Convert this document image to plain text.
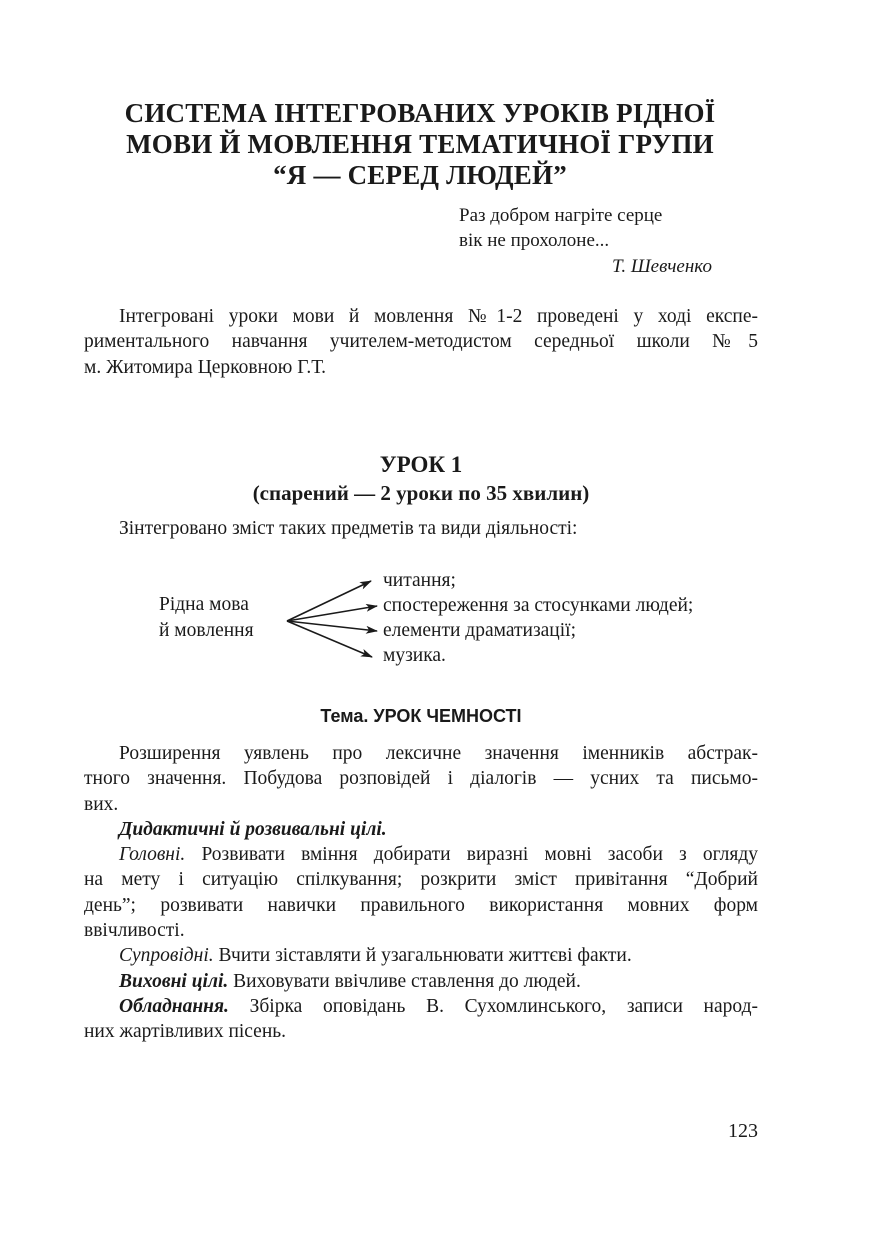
СИСТЕМА ІНТЕГРОВАНИХ УРОКІВ РІДНОЇ
МОВИ Й МОВЛЕННЯ ТЕМАТИЧНОЇ ГРУПИ
“Я — СЕРЕД ЛЮДЕЙ”
Раз добром нагріте серце
вік не прохолоне...
Т. Шевченко
Інтегровані уроки мови й мовлення №1-2 проведені у ході експе-
риментального навчання учителем-методистом середньої школи №5
м. Житомира Церковною Г.Т.
УРОК 1
(спарений — 2 уроки по 35 хвилин)
Зінтегровано зміст таких предметів та види діяльності:
Рідна мова
й мовлення
читання;
спостереження за стосунками людей;
елементи драматизації;
музика.
Тема. УРОК ЧЕМНОСТІ
Розширення уявлень про лексичне значення іменників абстрак-
тного значення. Побудова розповідей і діалогів — усних та письмо-
вих.
Дидактичні й розвивальні цілі.
Головні. Розвивати вміння добирати виразні мовні засоби з огляду
на мету і ситуацію спілкування; розкрити зміст привітання “Добрий
день”; розвивати навички правильного використання мовних форм
ввічливості.
Супровідні. Вчити зіставляти й узагальнювати життєві факти.
Виховні цілі. Виховувати ввічливе ставлення до людей.
Обладнання. Збірка оповідань В. Сухомлинського, записи народ-
них жартівливих пісень.
123
